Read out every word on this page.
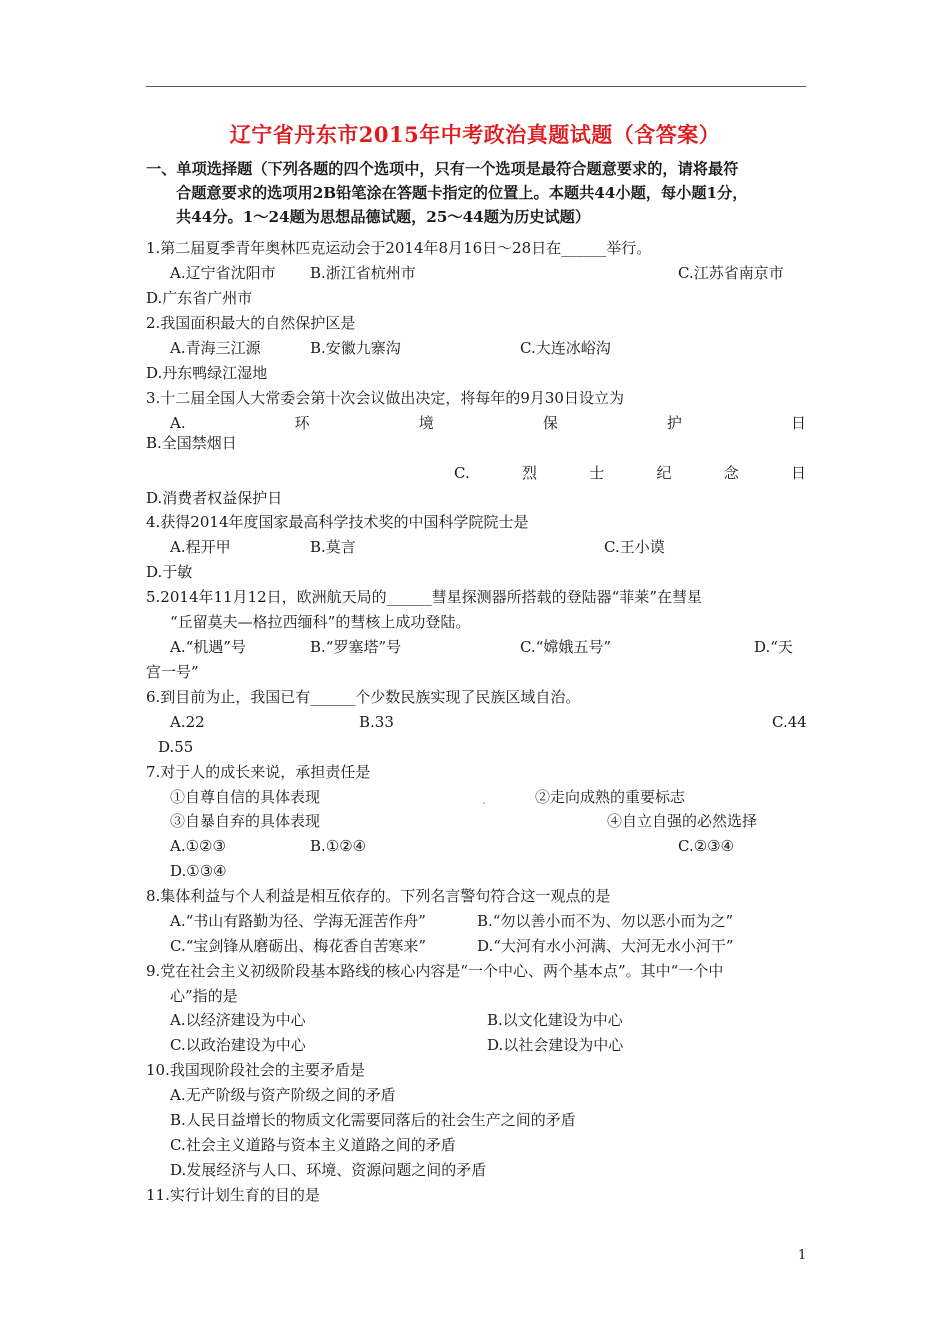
辽宁省丹东市2015年中考政治真题试题（含答案）
一、单项选择题（下列各题的四个选项中，只有一个选项是最符合题意要求的，请将最符
合题意要求的选项用2B铅笔涂在答题卡指定的位置上。本题共44小题，每小题1分，
共44分。1～24题为思想品德试题，25～44题为历史试题）
1.第二届夏季青年奥林匹克运动会于2014年8月16日～28日在______举行。
A.辽宁省沈阳市 B.浙江省杭州市	C.江苏省南京市
D.广东省广州市
2.我国面积最大的自然保护区是
A.青海三江源	B.安徽九寨沟	C.大连冰峪沟
D.丹东鸭绿江湿地
3.十二届全国人大常委会第十次会议做出决定，将每年的9月30日设立为
A.	环	境	保	护	日
B.全国禁烟日
C.	烈	士	纪	念	日
D.消费者权益保护日
4.获得2014年度国家最高科学技术奖的中国科学院院士是
A.程开甲	B.莫言	C.王小谟
D.于敏
5.2014年11月12日，欧洲航天局的______彗星探测器所搭载的登陆器“菲莱”在彗星
“丘留莫夫—格拉西缅科”的彗核上成功登陆。
A.“机遇”号	B.“罗塞塔”号	C.“嫦娥五号”	D.“天
宫一号”
6.到目前为止，我国已有______个少数民族实现了民族区域自治。
A.22	B.33	C.44
D.55
7.对于人的成长来说，承担责任是
①自尊自信的具体表现	②走向成熟的重要标志
③自暴自弃的具体表现	④自立自强的必然选择
A.①②③	B.①②④	C.②③④
D.①③④
8.集体利益与个人利益是相互依存的。下列名言警句符合这一观点的是
A.“书山有路勤为径、学海无涯苦作舟”	B.“勿以善小而不为、勿以恶小而为之”
C.“宝剑锋从磨砺出、梅花香自苦寒来”	D.“大河有水小河满、大河无水小河干”
9.党在社会主义初级阶段基本路线的核心内容是“一个中心、两个基本点”。其中“一个中
心”指的是
A.以经济建设为中心	B.以文化建设为中心
C.以政治建设为中心	D.以社会建设为中心
10.我国现阶段社会的主要矛盾是
A.无产阶级与资产阶级之间的矛盾
B.人民日益增长的物质文化需要同落后的社会生产之间的矛盾
C.社会主义道路与资本主义道路之间的矛盾
D.发展经济与人口、环境、资源问题之间的矛盾
11.实行计划生育的目的是
1
